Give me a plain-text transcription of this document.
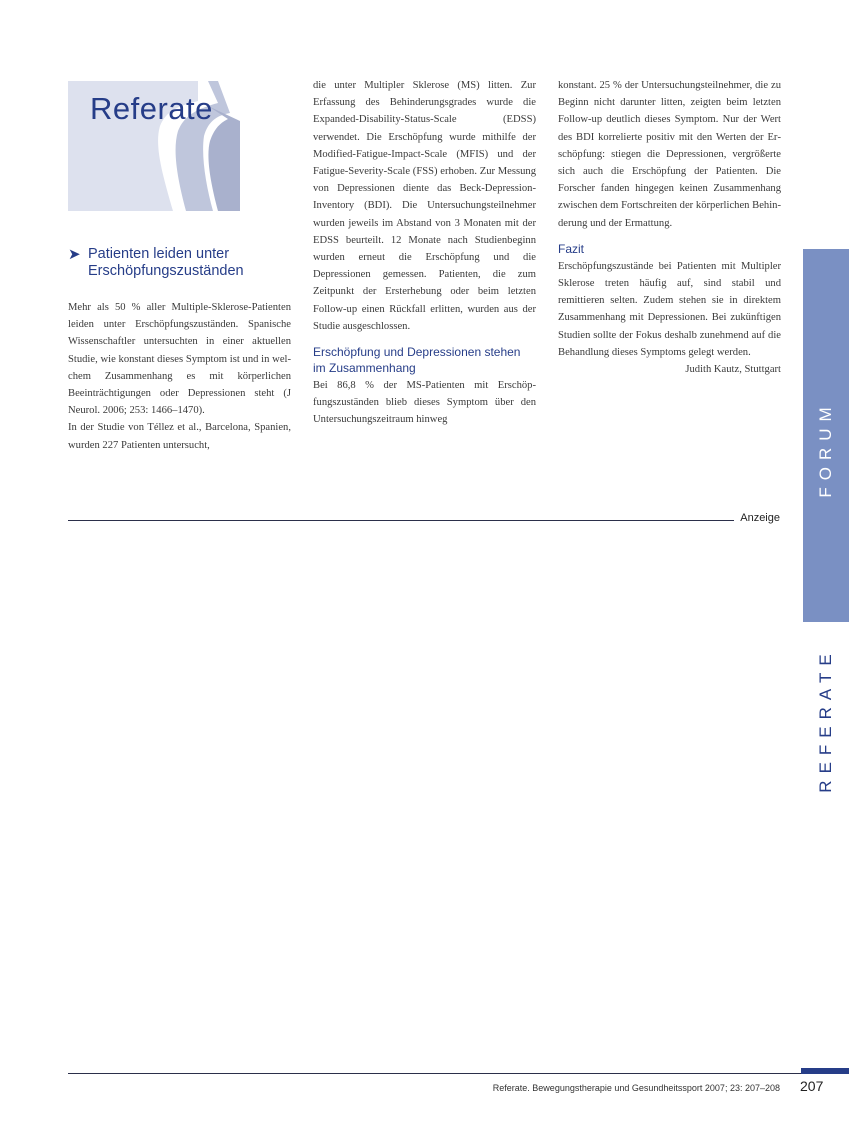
Referate
➤ Patienten leiden unter
Erschöpfungszuständen

Mehr als 50 % aller Multiple-Sklerose-Patienten leiden unter Erschöpfungszuständen. Spanische Wissenschaftler untersuchten in einer aktuellen Studie, wie konstant dieses Symptom ist und in welchem Zusammenhang es mit körperlichen Beeinträchtigungen oder Depressionen steht (J Neurol. 2006; 253: 1466–1470).

In der Studie von Téllez et al., Barcelona, Spanien, wurden 227 Patienten untersucht,

die unter Multipler Sklerose (MS) litten. Zur Erfassung des Behinderungsgrades wurde die Expanded-Disability-Status-Scale (EDSS) verwendet. Die Erschöpfung wurde mithilfe der Modified-Fatigue-Impact-Scale (MFIS) und der Fatigue-Severity-Scale (FSS) erhoben. Zur Messung von Depressionen diente das Beck-Depression-Inventory (BDI). Die Untersuchungsteilnehmer wurden jeweils im Abstand von 3 Monaten mit der EDSS beurteilt. 12 Monate nach Studienbeginn wurden erneut die Erschöpfung und die Depressionen gemessen. Patienten, die zum Zeitpunkt der Ersterhebung oder beim letzten Follow-up einen Rückfall erlitten, wurden aus der Studie ausgeschlossen.

Erschöpfung und Depressionen stehen im Zusammenhang

Bei 86,8 % der MS-Patienten mit Erschöpfungszuständen blieb dieses Symptom über den Untersuchungszeitraum hinweg

konstant. 25 % der Untersuchungsteilnehmer, die zu Beginn nicht darunter litten, zeigten beim letzten Follow-up deutlich dieses Symptom. Nur der Wert des BDI korrelierte positiv mit den Werten der Erschöpfung: stiegen die Depressionen, vergrößerte sich auch die Erschöpfung der Patienten. Die Forscher fanden hingegen keinen Zusammenhang zwischen dem Fortschreiten der körperlichen Behinderung und der Ermattung.

Fazit

Erschöpfungszustände bei Patienten mit Multipler Sklerose treten häufig auf, sind stabil und remittieren selten. Zudem stehen sie in direktem Zusammenhang mit Depressionen. Bei zukünftigen Studien sollte der Fokus deshalb zunehmend auf die Behandlung dieses Symptoms gelegt werden.

Judith Kautz, Stuttgart

Anzeige
FORUM
REFERATE
Referate. Bewegungstherapie und Gesundheitssport 2007; 23: 207–208 207
